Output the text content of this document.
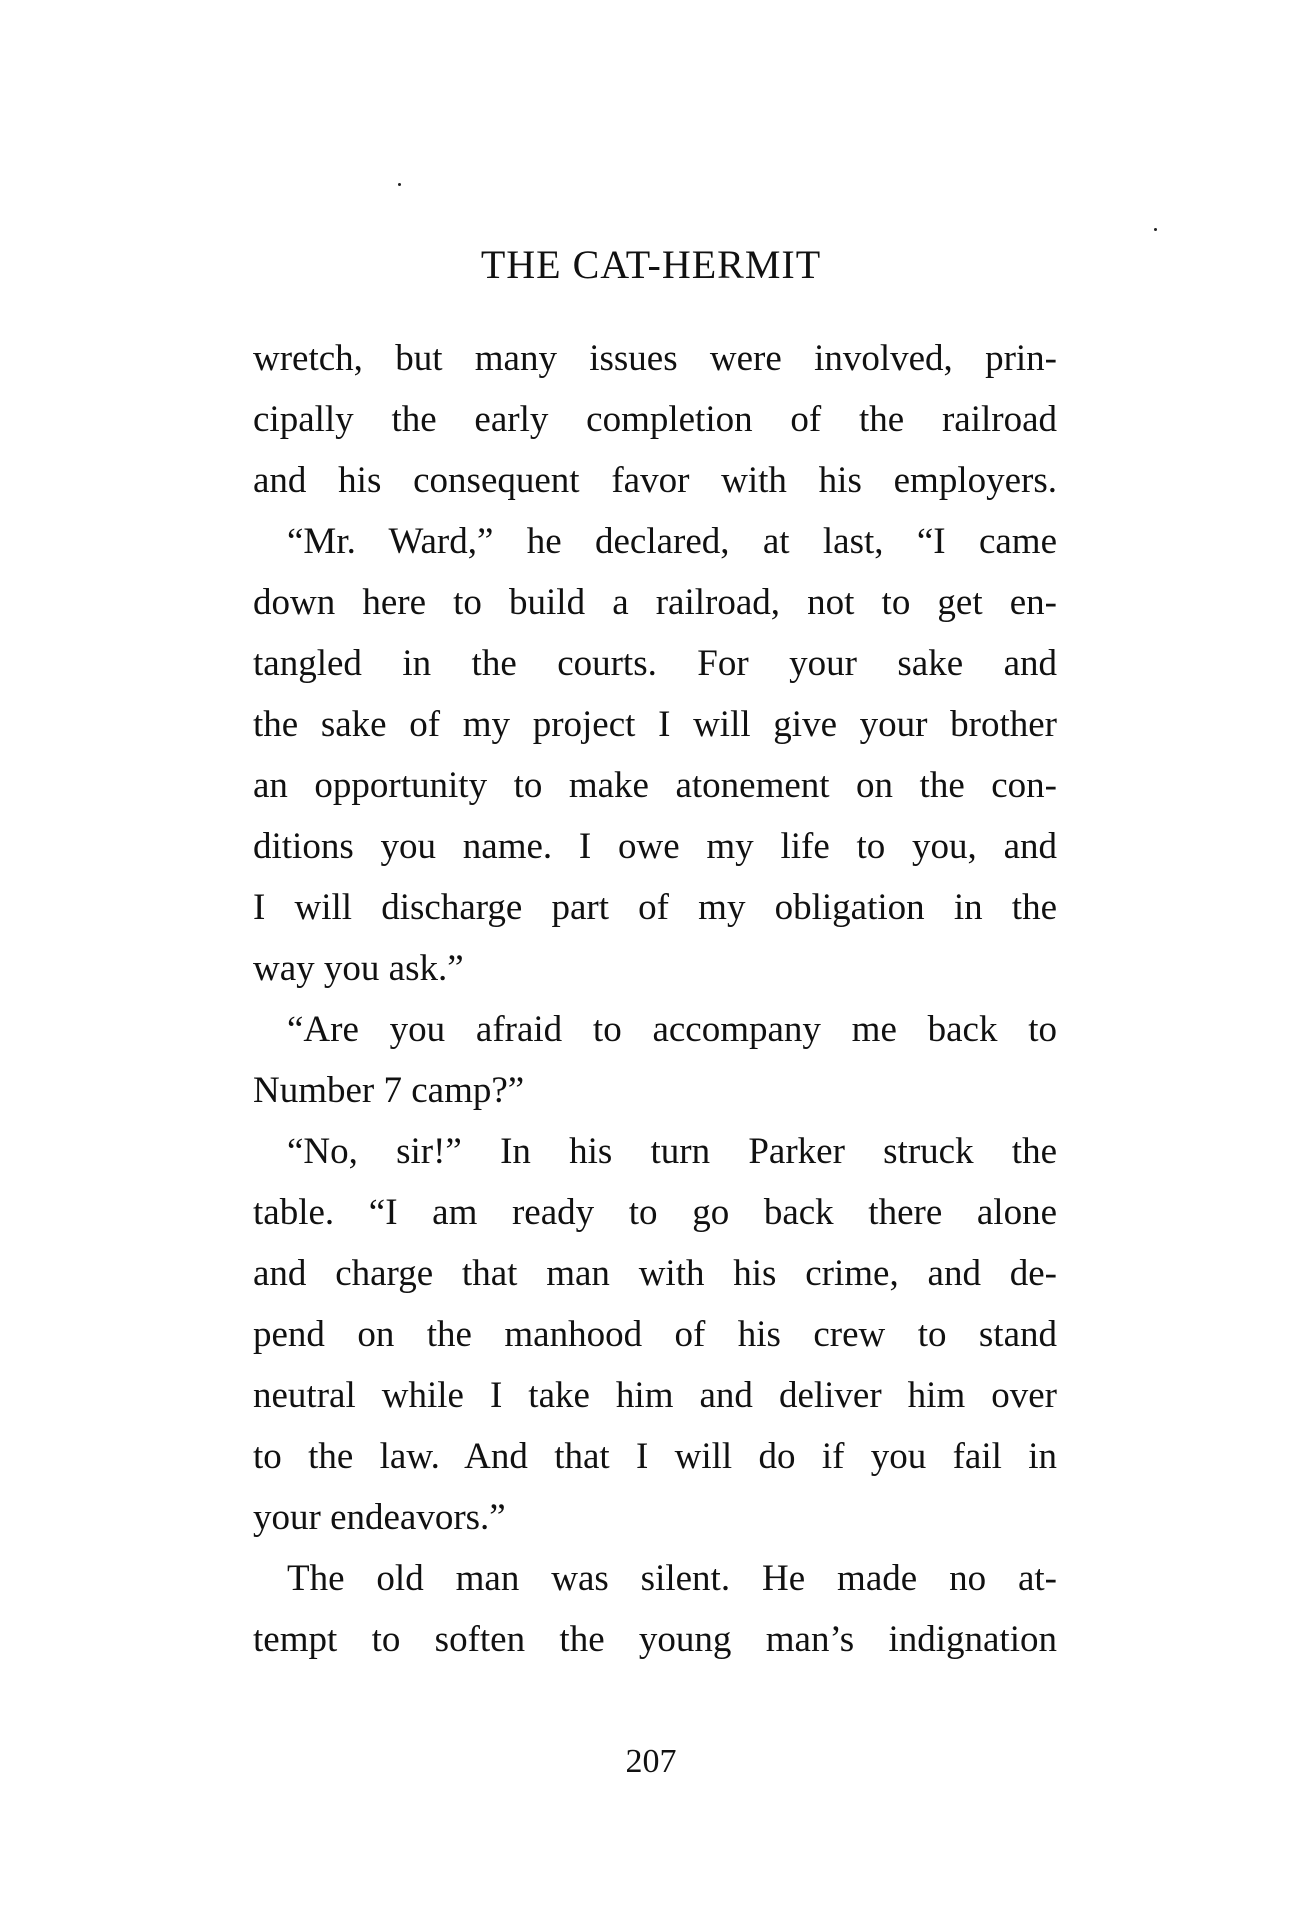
THE CAT-HERMIT
wretch, but many issues were involved, prin-
cipally the early completion of the railroad
and his consequent favor with his employers.
“Mr. Ward,” he declared, at last, “I came
down here to build a railroad, not to get en-
tangled in the courts. For your sake and
the sake of my project I will give your brother
an opportunity to make atonement on the con-
ditions you name. I owe my life to you, and
I will discharge part of my obligation in the
way you ask.”
“Are you afraid to accompany me back to
Number 7 camp?”
“No, sir!” In his turn Parker struck the
table. “I am ready to go back there alone
and charge that man with his crime, and de-
pend on the manhood of his crew to stand
neutral while I take him and deliver him over
to the law. And that I will do if you fail in
your endeavors.”
The old man was silent. He made no at-
tempt to soften the young man’s indignation
207
